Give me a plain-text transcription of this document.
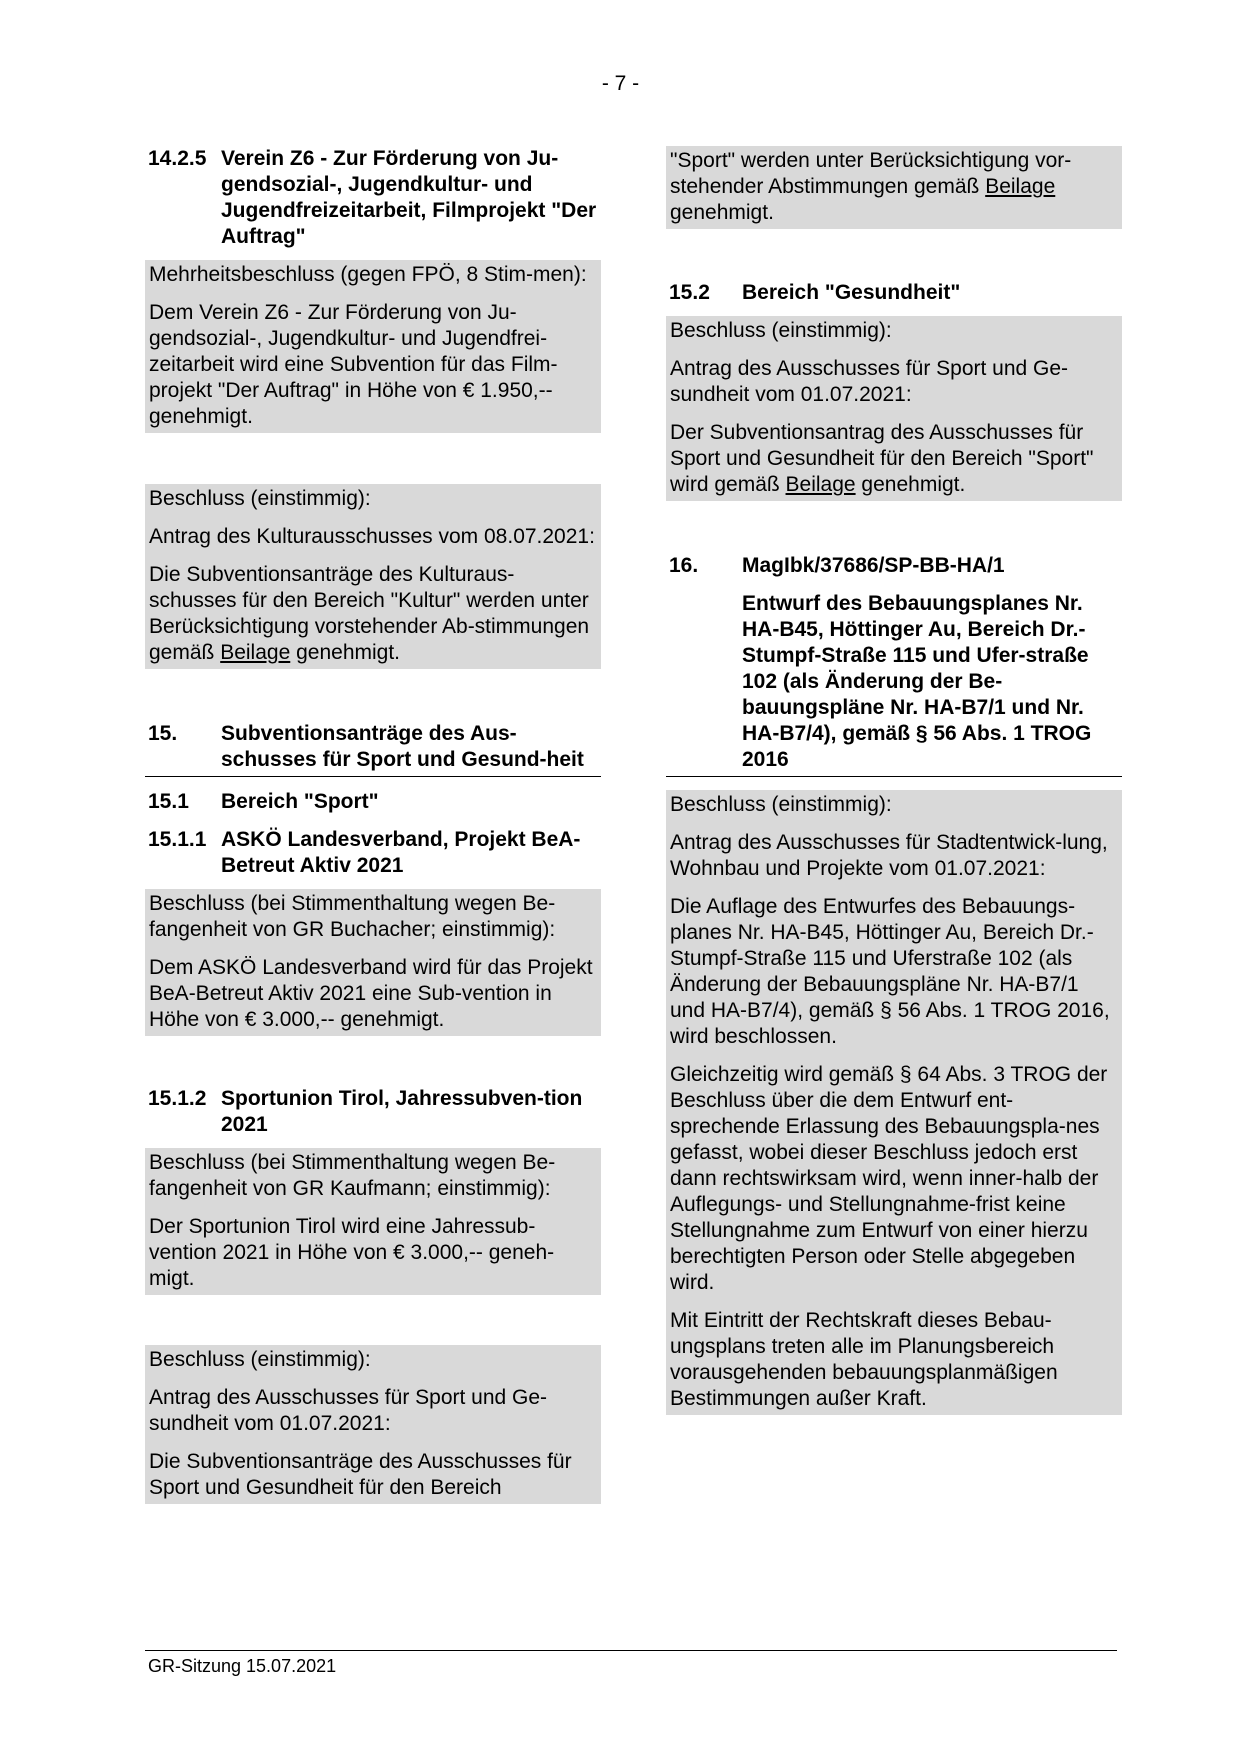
- 7 -
14.2.5 Verein Z6 - Zur Förderung von Ju-gendsozial-, Jugendkultur- und Jugendfreizeitarbeit, Filmprojekt "Der Auftrag"

Mehrheitsbeschluss (gegen FPÖ, 8 Stim-men):

Dem Verein Z6 - Zur Förderung von Ju-gendsozial-, Jugendkultur- und Jugendfrei-zeitarbeit wird eine Subvention für das Film-projekt "Der Auftrag" in Höhe von € 1.950,-- genehmigt.

Beschluss (einstimmig):

Antrag des Kulturausschusses vom 08.07.2021:

Die Subventionsanträge des Kulturaus-schusses für den Bereich "Kultur" werden unter Berücksichtigung vorstehender Ab-stimmungen gemäß Beilage genehmigt.

15.	Subventionsanträge des Aus-schusses für Sport und Gesund-heit
15.1	Bereich "Sport"
15.1.1 ASKÖ Landesverband, Projekt BeA-Betreut Aktiv 2021

Beschluss (bei Stimmenthaltung wegen Be-fangenheit von GR Buchacher; einstimmig):

Dem ASKÖ Landesverband wird für das Projekt BeA-Betreut Aktiv 2021 eine Sub-vention in Höhe von € 3.000,-- genehmigt.

15.1.2 Sportunion Tirol, Jahressubven-tion 2021

Beschluss (bei Stimmenthaltung wegen Be-fangenheit von GR Kaufmann; einstimmig):

Der Sportunion Tirol wird eine Jahressub-vention 2021 in Höhe von € 3.000,-- geneh-migt.

Beschluss (einstimmig):

Antrag des Ausschusses für Sport und Ge-sundheit vom 01.07.2021:

Die Subventionsanträge des Ausschusses für Sport und Gesundheit für den Bereich

"Sport" werden unter Berücksichtigung vor-stehender Abstimmungen gemäß Beilage genehmigt.

15.2	Bereich "Gesundheit"

Beschluss (einstimmig):

Antrag des Ausschusses für Sport und Ge-sundheit vom 01.07.2021:

Der Subventionsantrag des Ausschusses für Sport und Gesundheit für den Bereich "Sport" wird gemäß Beilage genehmigt.

16.	MagIbk/37686/SP-BB-HA/1
Entwurf des Bebauungsplanes Nr. HA-B45, Höttinger Au, Bereich Dr.-Stumpf-Straße 115 und Ufer-straße 102 (als Änderung der Be-bauungspläne Nr. HA-B7/1 und Nr. HA-B7/4), gemäß § 56 Abs. 1 TROG 2016

Beschluss (einstimmig):

Antrag des Ausschusses für Stadtentwick-lung, Wohnbau und Projekte vom 01.07.2021:

Die Auflage des Entwurfes des Bebauungs-planes Nr. HA-B45, Höttinger Au, Bereich Dr.-Stumpf-Straße 115 und Uferstraße 102 (als Änderung der Bebauungspläne Nr. HA-B7/1 und HA-B7/4), gemäß § 56 Abs. 1 TROG 2016, wird beschlossen.

Gleichzeitig wird gemäß § 64 Abs. 3 TROG der Beschluss über die dem Entwurf ent-sprechende Erlassung des Bebauungspla-nes gefasst, wobei dieser Beschluss jedoch erst dann rechtswirksam wird, wenn inner-halb der Auflegungs- und Stellungnahme-frist keine Stellungnahme zum Entwurf von einer hierzu berechtigten Person oder Stelle abgegeben wird.

Mit Eintritt der Rechtskraft dieses Bebau-ungsplans treten alle im Planungsbereich vorausgehenden bebauungsplanmäßigen Bestimmungen außer Kraft.

GR-Sitzung 15.07.2021
